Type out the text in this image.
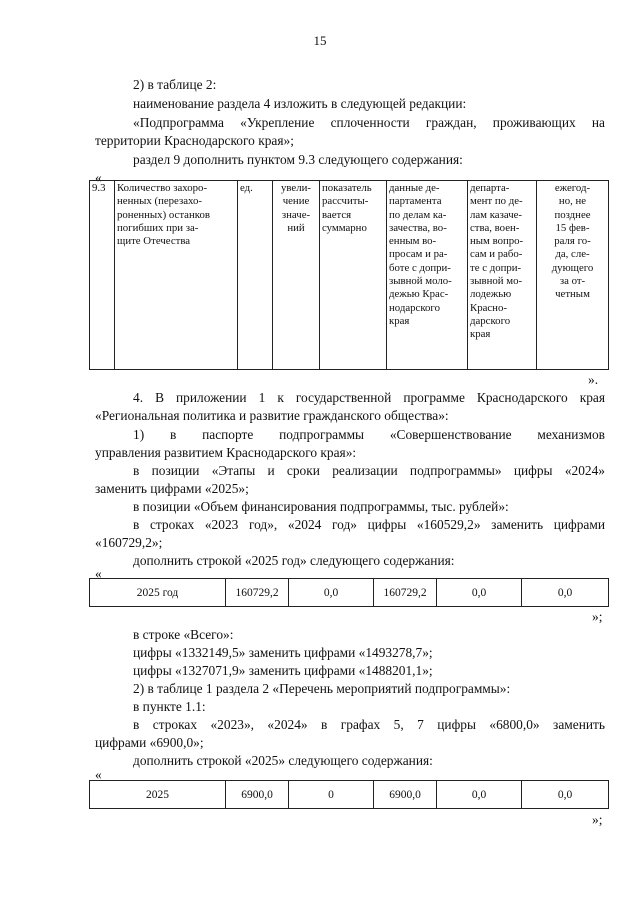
15
2) в таблице 2:
наименование раздела 4 изложить в следующей редакции:
«Подпрограмма «Укрепление сплоченности граждан, проживающих на
территории Краснодарского края»;
раздел 9 дополнить пунктом 9.3 следующего содержания:
«
9.3	Количество захоро-
ненных (перезахо-
роненных) останков
погибших при за-
щите Отечества
	ед.	увели-
чение
значе-
ний

показатель
рассчиты-
вается
суммарно

данные де-
партамента
по делам ка-
зачества, во-
енным во-
просам и ра-
боте с допри-
зывной моло-
дежью Крас-
нодарского
края

департа-
мент по де-
лам казаче-
ства, воен-
ным вопро-
сам и рабо-
те с допри-
зывной мо-
лодежью
Красно-
дарского
края

ежегод-
но, не
позднее
15 фев-
раля го-
да, сле-
дующего
за от-
четным
».
4. В приложении 1 к государственной программе Краснодарского края
«Региональная политика и развитие гражданского общества»:
1) в паспорте подпрограммы «Совершенствование механизмов
управления развитием Краснодарского края»:
в позиции «Этапы и сроки реализации подпрограммы» цифры «2024»
заменить цифрами «2025»;
в позиции «Объем финансирования подпрограммы, тыс. рублей»:
в строках «2023 год», «2024 год» цифры «160529,2» заменить цифрами
«160729,2»;
дополнить строкой «2025 год» следующего содержания:
«
2025 год	160729,2	0,0	160729,2	0,0	0,0
»;
в строке «Всего»:
цифры «1332149,5» заменить цифрами «1493278,7»;
цифры «1327071,9» заменить цифрами «1488201,1»;
2) в таблице 1 раздела 2 «Перечень мероприятий подпрограммы»:
в пункте 1.1:
в строках «2023», «2024» в графах 5, 7 цифры «6800,0» заменить
цифрами «6900,0»;
дополнить строкой «2025» следующего содержания:
«
2025	6900,0	0	6900,0	0,0	0,0
»;
